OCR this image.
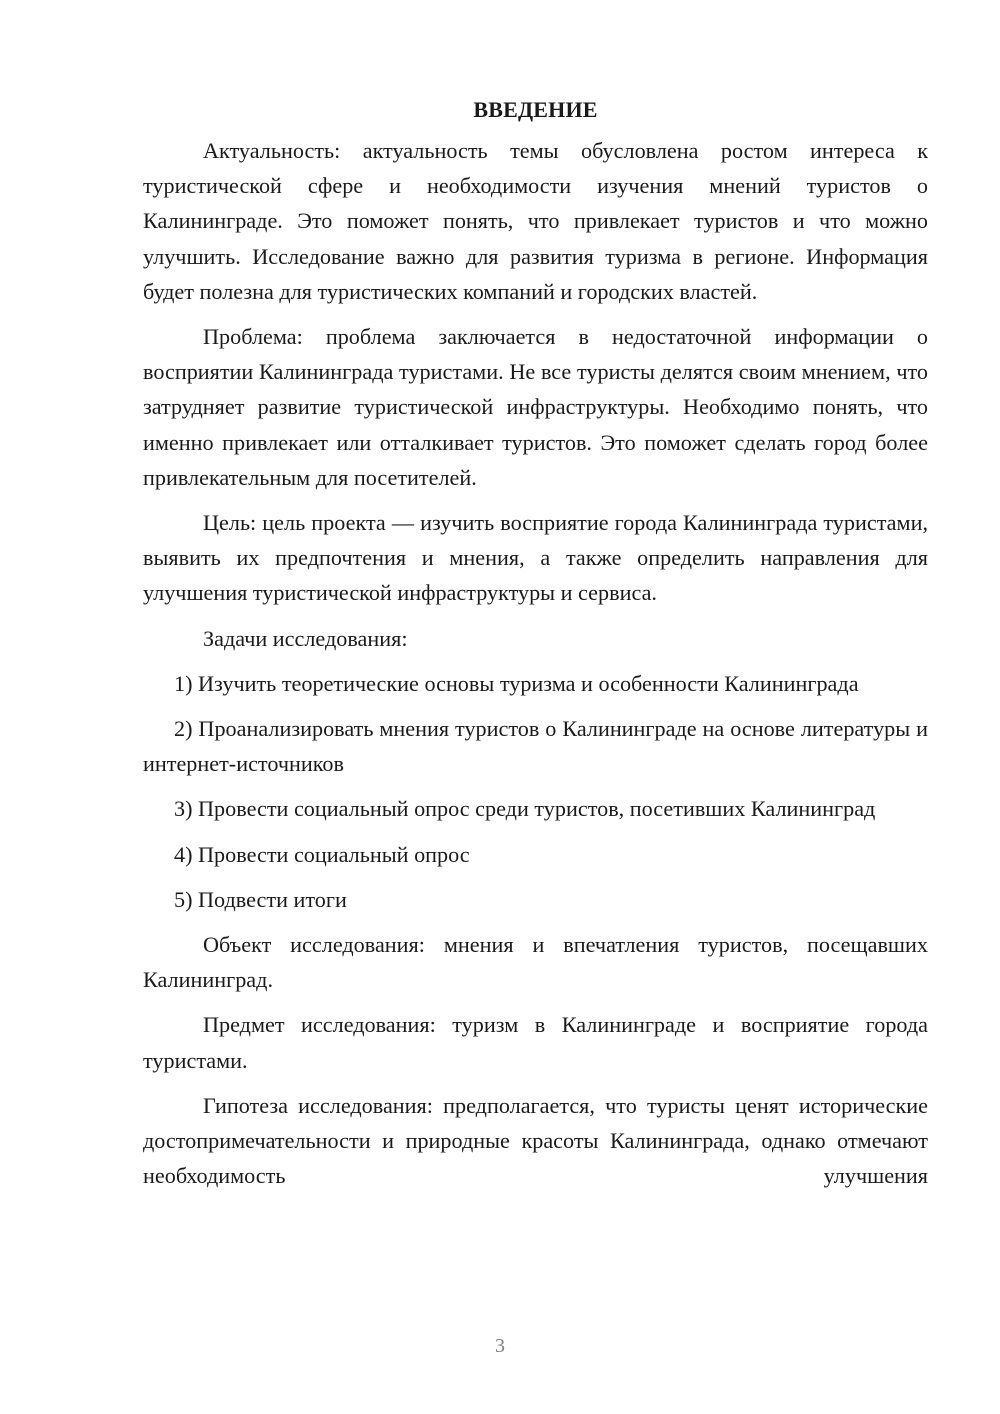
ВВЕДЕНИЕ

Актуальность: актуальность темы обусловлена ростом интереса к туристической сфере и необходимости изучения мнений туристов о Калининграде. Это поможет понять, что привлекает туристов и что можно улучшить. Исследование важно для развития туризма в регионе. Информация будет полезна для туристических компаний и городских властей.

Проблема: проблема заключается в недостаточной информации о восприятии Калининграда туристами. Не все туристы делятся своим мнением, что затрудняет развитие туристической инфраструктуры. Необходимо понять, что именно привлекает или отталкивает туристов. Это поможет сделать город более привлекательным для посетителей.

Цель: цель проекта — изучить восприятие города Калининграда туристами, выявить их предпочтения и мнения, а также определить направления для улучшения туристической инфраструктуры и сервиса.

Задачи исследования:

1) Изучить теоретические основы туризма и особенности Калининграда

2) Проанализировать мнения туристов о Калининграде на основе литературы и интернет-источников

3) Провести социальный опрос среди туристов, посетивших Калининград

4) Провести социальный опрос

5) Подвести итоги

Объект исследования: мнения и впечатления туристов, посещавших Калининград.

Предмет исследования: туризм в Калининграде и восприятие города туристами.

Гипотеза исследования: предполагается, что туристы ценят исторические достопримечательности и природные красоты Калининграда, однако отмечают необходимость улучшения

3
